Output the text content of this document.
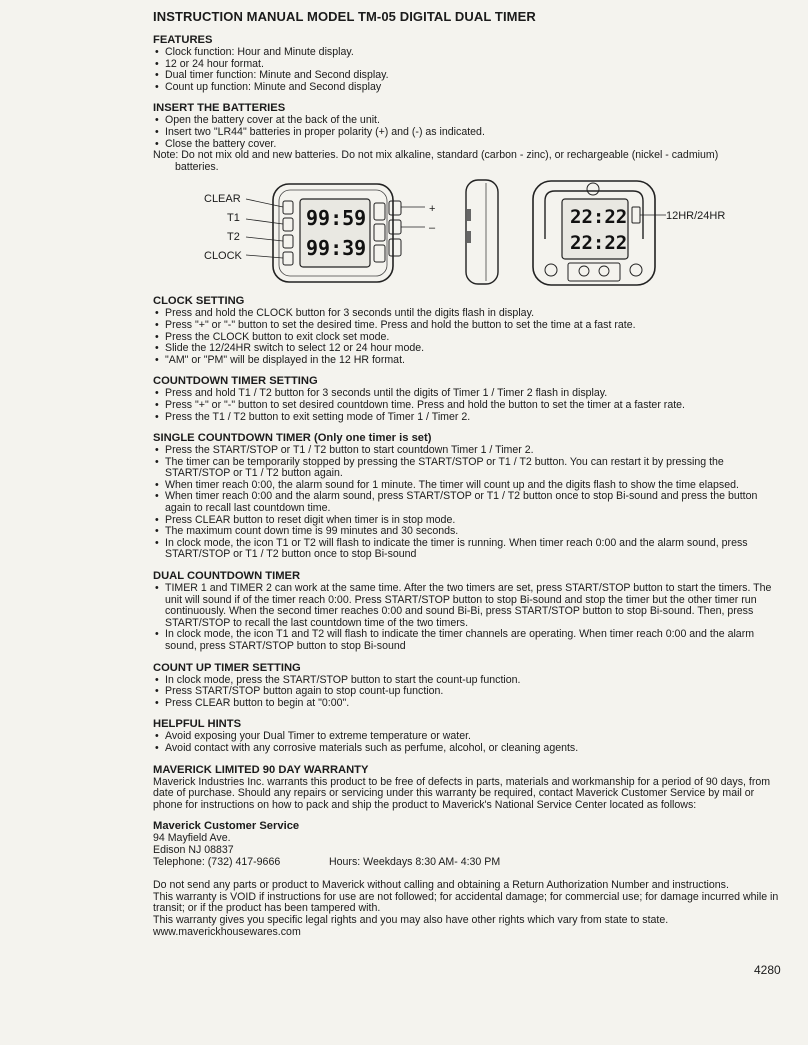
INSTRUCTION MANUAL MODEL TM-05 DIGITAL DUAL TIMER
FEATURES
• Clock function: Hour and Minute display.
• 12 or 24 hour format.
• Dual timer function: Minute and Second display.
• Count up function: Minute and Second display
INSERT THE BATTERIES
• Open the battery cover at the back of the unit.
• Insert two "LR44" batteries in proper polarity (+) and (-) as indicated.
• Close the battery cover.

Note: Do not mix old and new batteries. Do not mix alkaline, standard (carbon - zinc), or rechargeable (nickel - cadmium)
batteries.

99:59
99:39
CLEAR
T1
T2
CLOCK
+
–	22:22
22:22
12HR/24HR
CLOCK SETTING
• Press and hold the CLOCK button for 3 seconds until the digits flash in display.
• Press "+" or "-" button to set the desired time. Press and hold the button to set the time at a fast rate.
• Press the CLOCK button to exit clock set mode.
• Slide the 12/24HR switch to select 12 or 24 hour mode.
• "AM" or "PM" will be displayed in the 12 HR format.
COUNTDOWN TIMER SETTING
• Press and hold T1 / T2 button for 3 seconds until the digits of Timer 1 / Timer 2 flash in display.
• Press "+" or "-" button to set desired countdown time. Press and hold the button to set the timer at a faster rate.
• Press the T1 / T2 button to exit setting mode of Timer 1 / Timer 2.
SINGLE COUNTDOWN TIMER (Only one timer is set)
• Press the START/STOP or T1 / T2 button to start countdown Timer 1 / Timer 2.
• The timer can be temporarily stopped by pressing the START/STOP or T1 / T2 button. You can restart it by pressing the START/STOP or T1 / T2 button again.
• When timer reach 0:00, the alarm sound for 1 minute. The timer will count up and the digits flash to show the time elapsed.
• When timer reach 0:00 and the alarm sound, press START/STOP or T1 / T2 button once to stop Bi-sound and press the button again to recall last countdown time.
• Press CLEAR button to reset digit when timer is in stop mode.
• The maximum count down time is 99 minutes and 30 seconds.
• In clock mode, the icon T1 or T2 will flash to indicate the timer is running. When timer reach 0:00 and the alarm sound, press START/STOP or T1 / T2 button once to stop Bi-sound
DUAL COUNTDOWN TIMER
• TIMER 1 and TIMER 2 can work at the same time. After the two timers are set, press START/STOP button to start the timers. The unit will sound if of the timer reach 0:00. Press START/STOP button to stop Bi-sound and stop the timer but the other timer run continuously. When the second timer reaches 0:00 and sound Bi-Bi, press START/STOP button to stop Bi-sound. Then, press START/STOP to recall the last countdown time of the two timers.
• In clock mode, the icon T1 and T2 will flash to indicate the timer channels are operating. When timer reach 0:00 and the alarm sound, press START/STOP button to stop Bi-sound
COUNT UP TIMER SETTING
• In clock mode, press the START/STOP button to start the count-up function.
• Press START/STOP button again to stop count-up function.
• Press CLEAR button to begin at "0:00".
HELPFUL HINTS
• Avoid exposing your Dual Timer to extreme temperature or water.
• Avoid contact with any corrosive materials such as perfume, alcohol, or cleaning agents.
MAVERICK LIMITED 90 DAY WARRANTY

Maverick Industries Inc. warrants this product to be free of defects in parts, materials and workmanship for a period of 90 days, from date of purchase. Should any repairs or servicing under this warranty be required, contact Maverick Customer Service by mail or phone for instructions on how to pack and ship the product to Maverick's National Service Center located as follows:

Maverick Customer Service

94 Mayfield Ave.

Edison NJ 08837

Telephone: (732) 417-9666	Hours: Weekdays 8:30 AM- 4:30 PM

Do not send any parts or product to Maverick without calling and obtaining a Return Authorization Number and instructions.

This warranty is VOID if instructions for use are not followed; for accidental damage; for commercial use; for damage incurred while in transit; or if the product has been tampered with.

This warranty gives you specific legal rights and you may also have other rights which vary from state to state.

www.maverickhousewares.com

4280
